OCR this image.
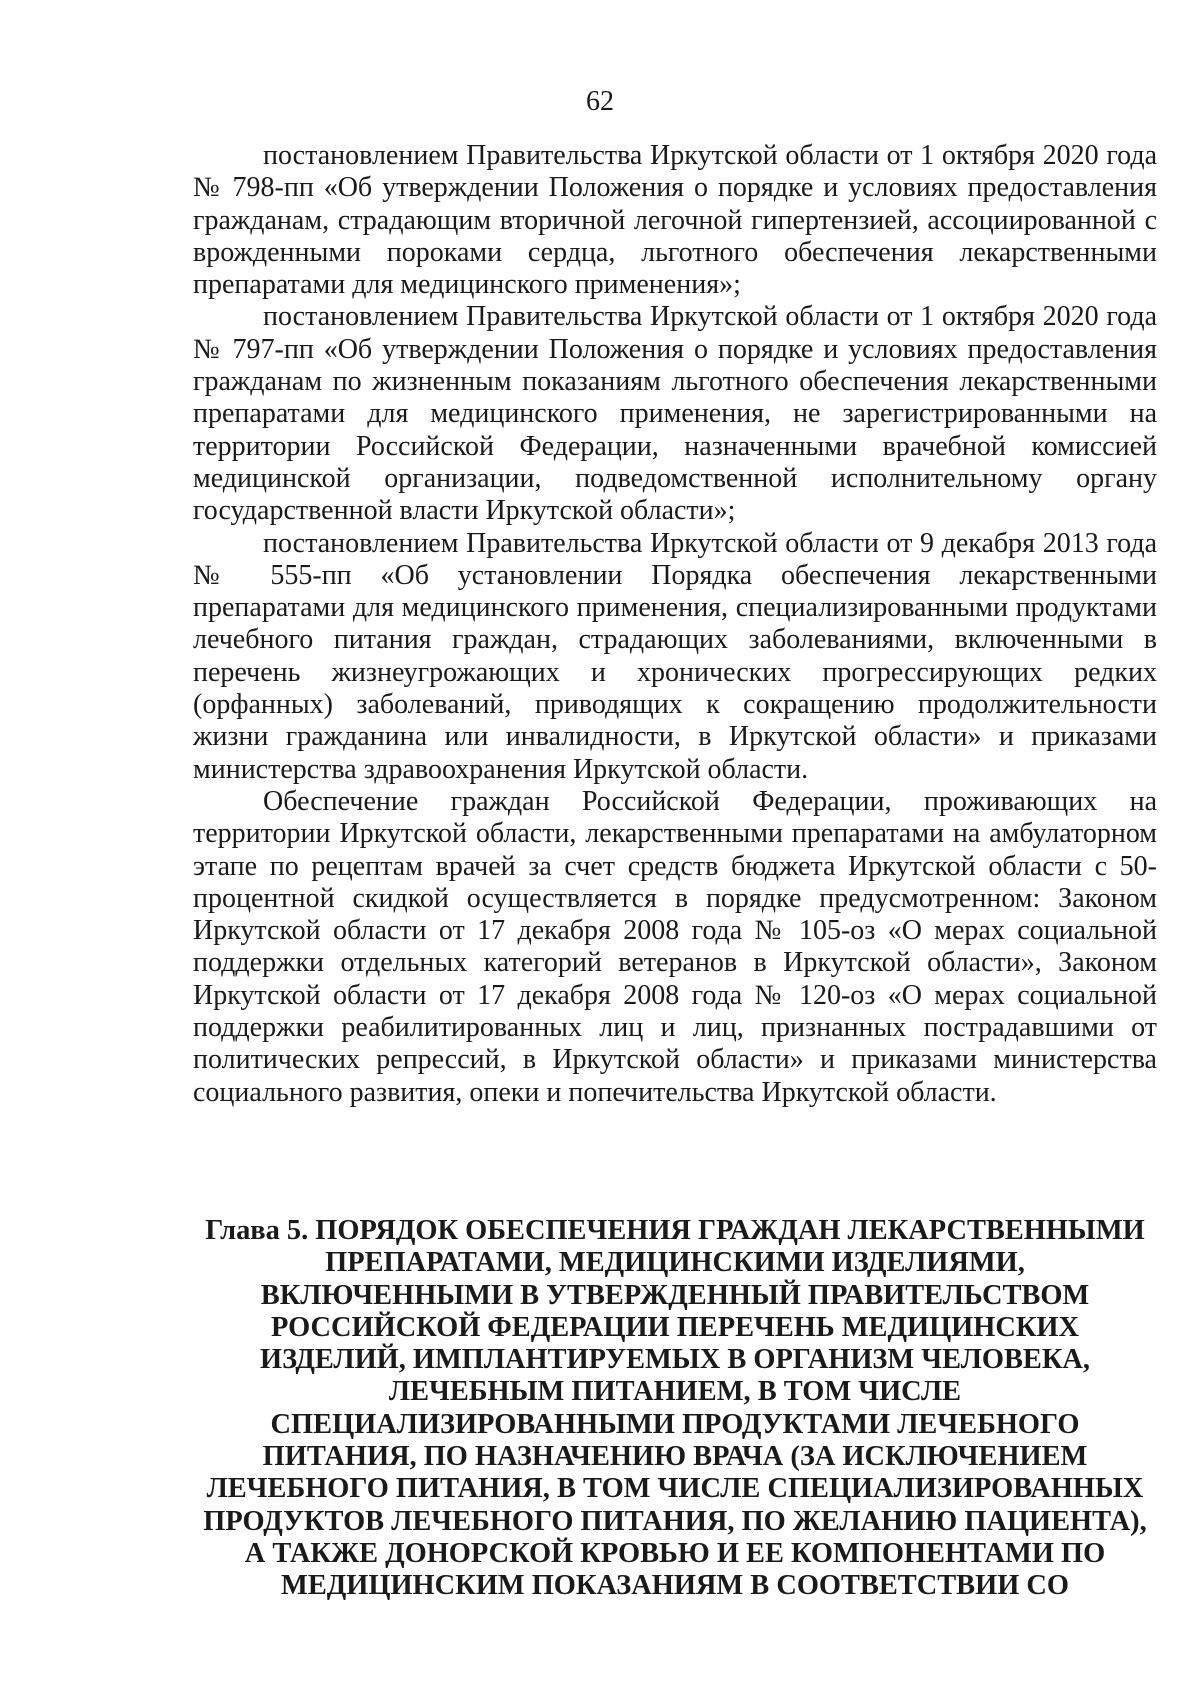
62

постановлением Правительства Иркутской области от 1 октября 2020 года № 798-пп «Об утверждении Положения о порядке и условиях предоставления гражданам, страдающим вторичной легочной гипертензией, ассоциированной с врожденными пороками сердца, льготного обеспечения лекарственными препаратами для медицинского применения»;

постановлением Правительства Иркутской области от 1 октября 2020 года № 797-пп «Об утверждении Положения о порядке и условиях предоставления гражданам по жизненным показаниям льготного обеспечения лекарственными препаратами для медицинского применения, не зарегистрированными на территории Российской Федерации, назначенными врачебной комиссией медицинской организации, подведомственной исполнительному органу государственной власти Иркутской области»;

постановлением Правительства Иркутской области от 9 декабря 2013 года № 555-пп «Об установлении Порядка обеспечения лекарственными препаратами для медицинского применения, специализированными продуктами лечебного питания граждан, страдающих заболеваниями, включенными в перечень жизнеугрожающих и хронических прогрессирующих редких (орфанных) заболеваний, приводящих к сокращению продолжительности жизни гражданина или инвалидности, в Иркутской области» и приказами министерства здравоохранения Иркутской области.

Обеспечение граждан Российской Федерации, проживающих на территории Иркутской области, лекарственными препаратами на амбулаторном этапе по рецептам врачей за счет средств бюджета Иркутской области с 50-процентной скидкой осуществляется в порядке предусмотренном: Законом Иркутской области от 17 декабря 2008 года № 105-оз «О мерах социальной поддержки отдельных категорий ветеранов в Иркутской области», Законом Иркутской области от 17 декабря 2008 года № 120-оз «О мерах социальной поддержки реабилитированных лиц и лиц, признанных пострадавшими от политических репрессий, в Иркутской области» и приказами министерства социального развития, опеки и попечительства Иркутской области.

Глава 5. ПОРЯДОК ОБЕСПЕЧЕНИЯ ГРАЖДАН ЛЕКАРСТВЕННЫМИ
ПРЕПАРАТАМИ, МЕДИЦИНСКИМИ ИЗДЕЛИЯМИ,
ВКЛЮЧЕННЫМИ В УТВЕРЖДЕННЫЙ ПРАВИТЕЛЬСТВОМ
РОССИЙСКОЙ ФЕДЕРАЦИИ ПЕРЕЧЕНЬ МЕДИЦИНСКИХ
ИЗДЕЛИЙ, ИМПЛАНТИРУЕМЫХ В ОРГАНИЗМ ЧЕЛОВЕКА,
ЛЕЧЕБНЫМ ПИТАНИЕМ, В ТОМ ЧИСЛЕ
СПЕЦИАЛИЗИРОВАННЫМИ ПРОДУКТАМИ ЛЕЧЕБНОГО
ПИТАНИЯ, ПО НАЗНАЧЕНИЮ ВРАЧА (ЗА ИСКЛЮЧЕНИЕМ
ЛЕЧЕБНОГО ПИТАНИЯ, В ТОМ ЧИСЛЕ СПЕЦИАЛИЗИРОВАННЫХ
ПРОДУКТОВ ЛЕЧЕБНОГО ПИТАНИЯ, ПО ЖЕЛАНИЮ ПАЦИЕНТА),
А ТАКЖЕ ДОНОРСКОЙ КРОВЬЮ И ЕЕ КОМПОНЕНТАМИ ПО
МЕДИЦИНСКИМ ПОКАЗАНИЯМ В СООТВЕТСТВИИ СО
